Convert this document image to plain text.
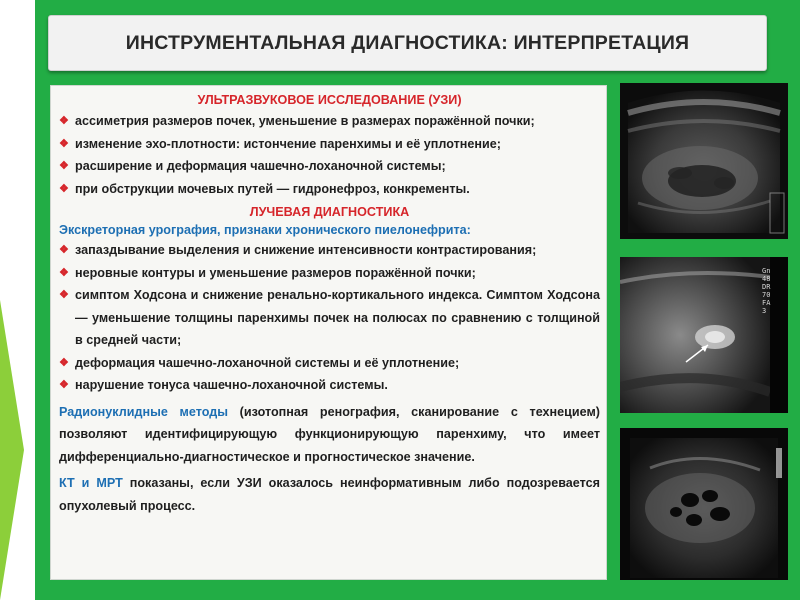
ИНСТРУМЕНТАЛЬНАЯ ДИАГНОСТИКА: ИНТЕРПРЕТАЦИЯ
УЛЬТРАЗВУКОВОЕ ИССЛЕДОВАНИЕ (УЗИ)
❖ ассиметрия размеров почек, уменьшение в размерах поражённой почки;
❖ изменение эхо-плотности: истончение паренхимы и её уплотнение;
❖ расширение и деформация чашечно-лоханочной системы;
❖ при обструкции мочевых путей — гидронефроз, конкременты.
ЛУЧЕВАЯ ДИАГНОСТИКА
Экскреторная урография, признаки хронического пиелонефрита:
❖ запаздывание выделения и снижение интенсивности контрастирования;
❖ неровные контуры и уменьшение размеров поражённой почки;
❖ симптом Ходсона и снижение ренально-кортикального индекса. Симптом Ходсона — уменьшение толщины паренхимы почек на полюсах по сравнению с толщиной в средней части;
❖ деформация чашечно-лоханочной системы и её уплотнение;
❖ нарушение тонуса чашечно-лоханочной системы.
Радионуклидные методы (изотопная ренография, сканирование с технецием) позволяют идентифицирующую функционирующую паренхиму, что имеет дифференциально-диагностическое и прогностическое значение.
КТ и МРТ показаны, если УЗИ оказалось неинформативным либо подозревается опухолевый процесс.
Gn
48
DR
70
FA
3
